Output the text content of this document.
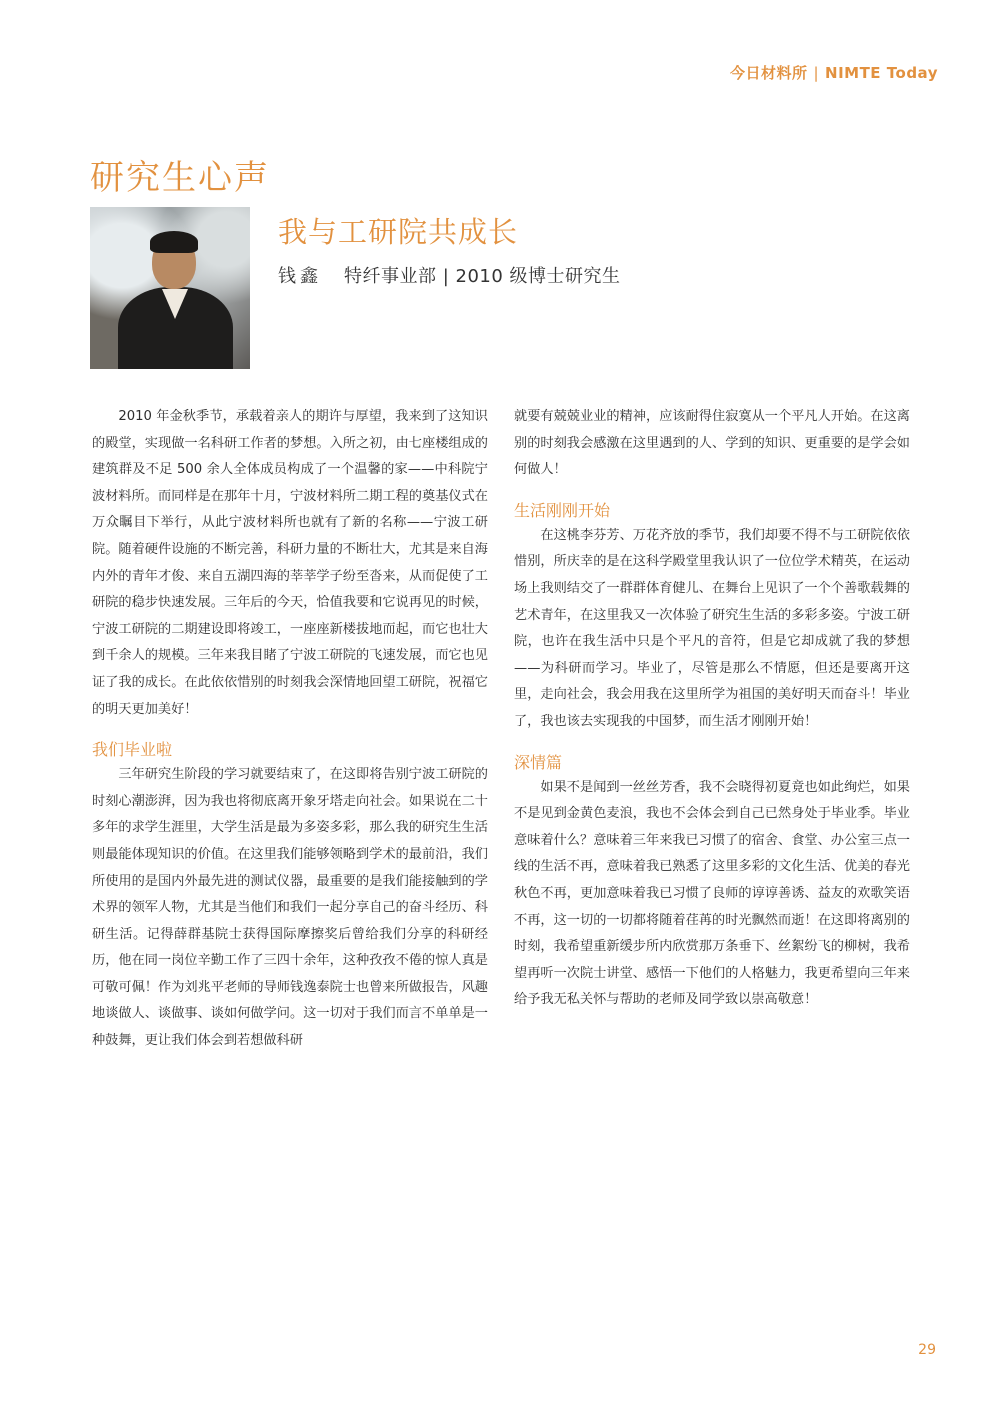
今日材料所 | NIMTE Today
研究生心声
我与工研院共成长
钱鑫 特纤事业部 | 2010 级博士研究生

2010 年金秋季节，承载着亲人的期许与厚望，我来到了这知识的殿堂，实现做一名科研工作者的梦想。入所之初，由七座楼组成的建筑群及不足 500 余人全体成员构成了一个温馨的家——中科院宁波材料所。而同样是在那年十月，宁波材料所二期工程的奠基仪式在万众瞩目下举行，从此宁波材料所也就有了新的名称——宁波工研院。随着硬件设施的不断完善，科研力量的不断壮大，尤其是来自海内外的青年才俊、来自五湖四海的莘莘学子纷至沓来，从而促使了工研院的稳步快速发展。三年后的今天，恰值我要和它说再见的时候，宁波工研院的二期建设即将竣工，一座座新楼拔地而起，而它也壮大到千余人的规模。三年来我目睹了宁波工研院的飞速发展，而它也见证了我的成长。在此依依惜别的时刻我会深情地回望工研院，祝福它的明天更加美好！

我们毕业啦

三年研究生阶段的学习就要结束了，在这即将告别宁波工研院的时刻心潮澎湃，因为我也将彻底离开象牙塔走向社会。如果说在二十多年的求学生涯里，大学生活是最为多姿多彩，那么我的研究生生活则最能体现知识的价值。在这里我们能够领略到学术的最前沿，我们所使用的是国内外最先进的测试仪器，最重要的是我们能接触到的学术界的领军人物，尤其是当他们和我们一起分享自己的奋斗经历、科研生活。记得薛群基院士获得国际摩擦奖后曾给我们分享的科研经历，他在同一岗位辛勤工作了三四十余年，这种孜孜不倦的惊人真是可敬可佩！作为刘兆平老师的导师钱逸泰院士也曾来所做报告，风趣地谈做人、谈做事、谈如何做学问。这一切对于我们而言不单单是一种鼓舞，更让我们体会到若想做科研

就要有兢兢业业的精神，应该耐得住寂寞从一个平凡人开始。在这离别的时刻我会感激在这里遇到的人、学到的知识、更重要的是学会如何做人！

生活刚刚开始

在这桃李芬芳、万花齐放的季节，我们却要不得不与工研院依依惜别，所庆幸的是在这科学殿堂里我认识了一位位学术精英，在运动场上我则结交了一群群体育健儿、在舞台上见识了一个个善歌载舞的艺术青年，在这里我又一次体验了研究生生活的多彩多姿。宁波工研院，也许在我生活中只是个平凡的音符，但是它却成就了我的梦想——为科研而学习。毕业了，尽管是那么不情愿，但还是要离开这里，走向社会，我会用我在这里所学为祖国的美好明天而奋斗！毕业了，我也该去实现我的中国梦，而生活才刚刚开始！

深情篇

如果不是闻到一丝丝芳香，我不会晓得初夏竟也如此绚烂，如果不是见到金黄色麦浪，我也不会体会到自己已然身处于毕业季。毕业意味着什么？意味着三年来我已习惯了的宿舍、食堂、办公室三点一线的生活不再，意味着我已熟悉了这里多彩的文化生活、优美的春光秋色不再，更加意味着我已习惯了良师的谆谆善诱、益友的欢歌笑语不再，这一切的一切都将随着荏苒的时光飘然而逝！在这即将离别的时刻，我希望重新缓步所内欣赏那万条垂下、丝絮纷飞的柳树，我希望再听一次院士讲堂、感悟一下他们的人格魅力，我更希望向三年来给予我无私关怀与帮助的老师及同学致以崇高敬意！

29
